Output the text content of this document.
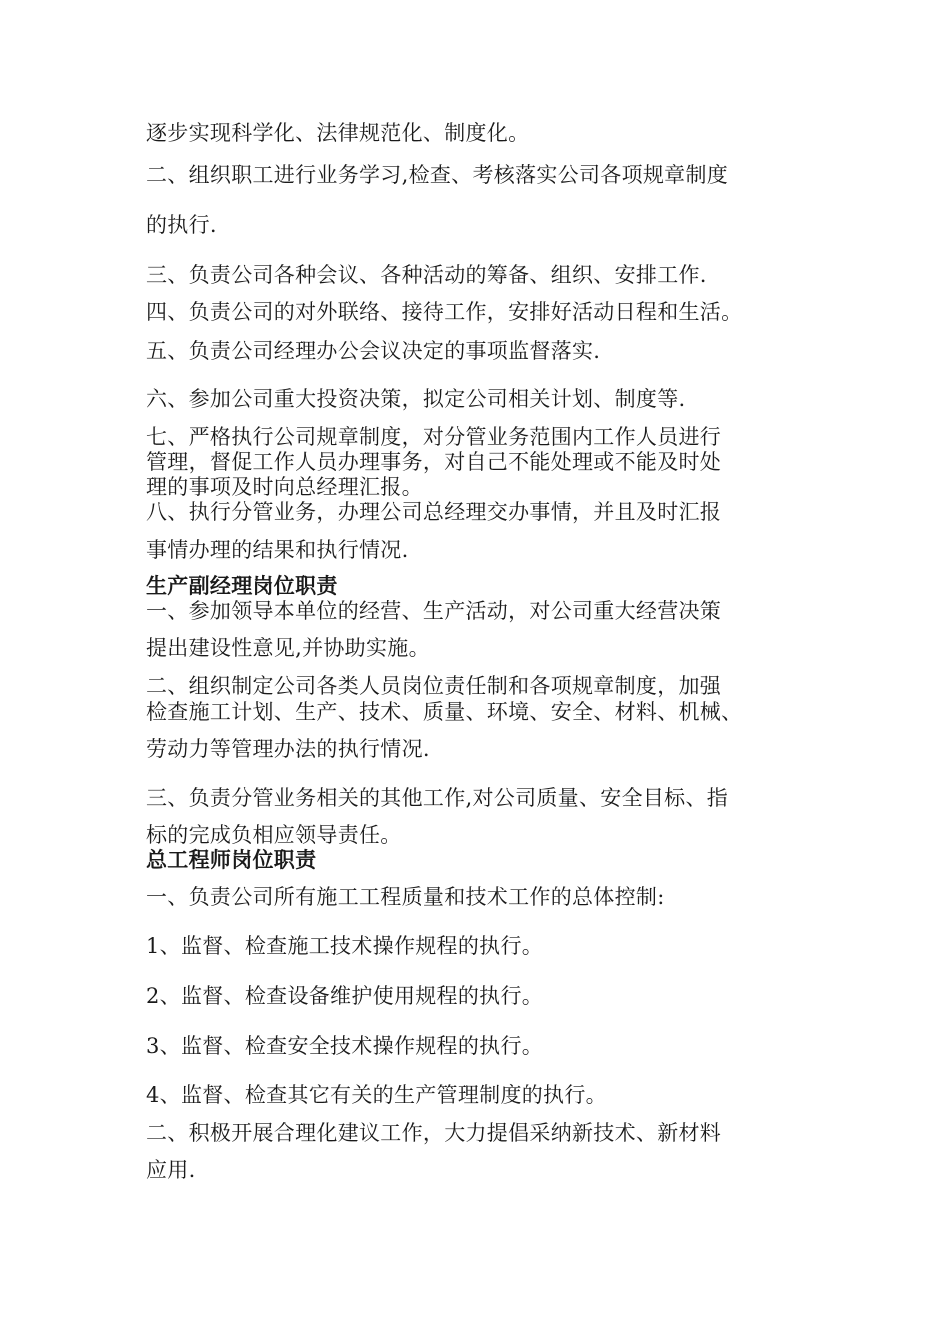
逐步实现科学化、法律规范化、制度化。
二、组织职工进行业务学习,检查、考核落实公司各项规章制度
的执行.
三、负责公司各种会议、各种活动的筹备、组织、安排工作.
四、负责公司的对外联络、接待工作，安排好活动日程和生活。
五、负责公司经理办公会议决定的事项监督落实.
六、参加公司重大投资决策，拟定公司相关计划、制度等.
七、严格执行公司规章制度，对分管业务范围内工作人员进行
管理，督促工作人员办理事务，对自己不能处理或不能及时处
理的事项及时向总经理汇报。
八、执行分管业务，办理公司总经理交办事情，并且及时汇报
事情办理的结果和执行情况.
生产副经理岗位职责
一、参加领导本单位的经营、生产活动，对公司重大经营决策
提出建设性意见,并协助实施。
二、组织制定公司各类人员岗位责任制和各项规章制度，加强
检查施工计划、生产、技术、质量、环境、安全、材料、机械、
劳动力等管理办法的执行情况.
三、负责分管业务相关的其他工作,对公司质量、安全目标、指
标的完成负相应领导责任。
总工程师岗位职责
一、负责公司所有施工工程质量和技术工作的总体控制:
1、监督、检查施工技术操作规程的执行。
2、监督、检查设备维护使用规程的执行。
3、监督、检查安全技术操作规程的执行。
4、监督、检查其它有关的生产管理制度的执行。
二、积极开展合理化建议工作，大力提倡采纳新技术、新材料
应用.
